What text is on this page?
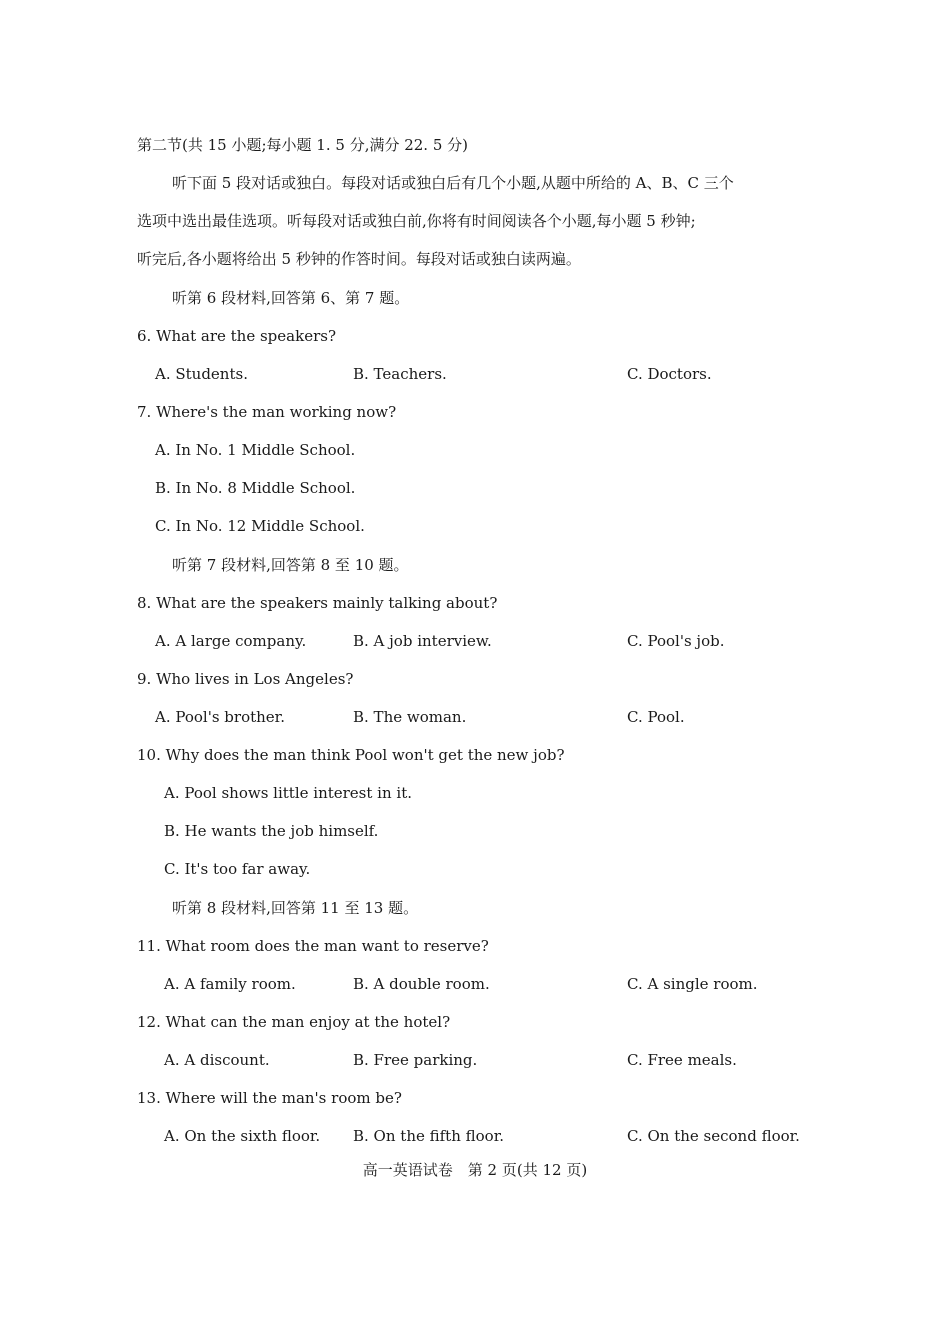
第二节(共 15 小题;每小题 1. 5 分,满分 22. 5 分)
听下面 5 段对话或独白。每段对话或独白后有几个小题,从题中所给的 A、B、C 三个
选项中选出最佳选项。听每段对话或独白前,你将有时间阅读各个小题,每小题 5 秒钟;
听完后,各小题将给出 5 秒钟的作答时间。每段对话或独白读两遍。
听第 6 段材料,回答第 6、第 7 题。
6. What are the speakers?
A. Students.	B. Teachers.	C. Doctors.
7. Where's the man working now?
A. In No. 1 Middle School.
B. In No. 8 Middle School.
C. In No. 12 Middle School.
听第 7 段材料,回答第 8 至 10 题。
8. What are the speakers mainly talking about?
A. A large company.	B. A job interview.	C. Pool's job.
9. Who lives in Los Angeles?
A. Pool's brother.	B. The woman.	C. Pool.
10. Why does the man think Pool won't get the new job?
A. Pool shows little interest in it.
B. He wants the job himself.
C. It's too far away.
听第 8 段材料,回答第 11 至 13 题。
11. What room does the man want to reserve?
A. A family room.	B. A double room.	C. A single room.
12. What can the man enjoy at the hotel?
A. A discount.	B. Free parking.	C. Free meals.
13. Where will the man's room be?
A. On the sixth floor. B. On the fifth floor.	C. On the second floor.
高一英语试卷　第 2 页(共 12 页)
